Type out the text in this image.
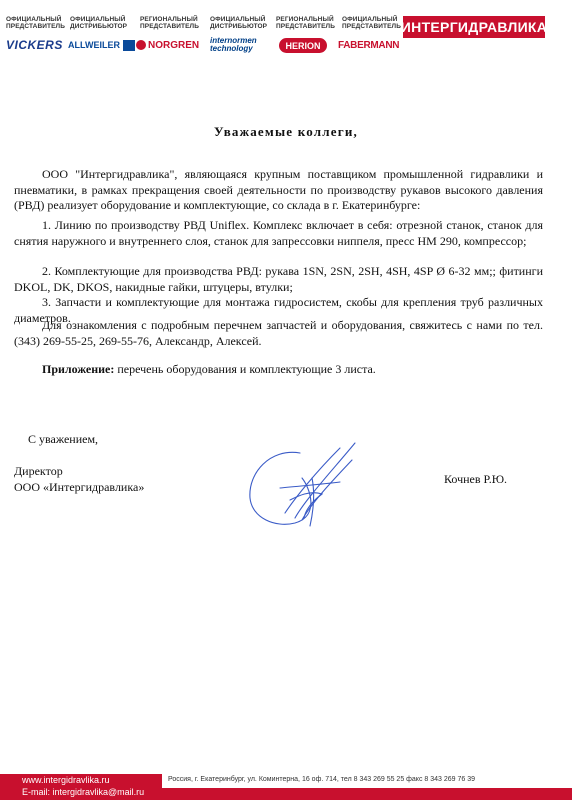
ОФИЦИАЛЬНЫЙ ПРЕДСТАВИТЕЛЬ
ОФИЦИАЛЬНЫЙ ДИСТРИБЬЮТОР
РЕГИОНАЛЬНЫЙ ПРЕДСТАВИТЕЛЬ
ОФИЦИАЛЬНЫЙ ДИСТРИБЬЮТОР
РЕГИОНАЛЬНЫЙ ПРЕДСТАВИТЕЛЬ
ОФИЦИАЛЬНЫЙ ПРЕДСТАВИТЕЛЬ
VICKERS ALLWEILER	NORGREN internormen technology	HERION	FABERMANN
ИНТЕРГИДРАВЛИКА
Уважаемые коллеги,
ООО "Интергидравлика", являющаяся крупным поставщиком промышленной гидравлики и пневматики, в рамках прекращения своей деятельности по производству рукавов высокого давления (РВД) реализует оборудование и комплектующие, со склада в г. Екатеринбурге:
1. Линию по производству РВД Uniflex. Комплекс включает в себя: отрезной станок, станок для снятия наружного и внутреннего слоя, станок для запрессовки ниппеля, пресс HM 290, компрессор;
2. Комплектующие для производства РВД: рукава 1SN, 2SN, 2SH, 4SH, 4SP Ø 6-32 мм;; фитинги DKOL, DK, DKOS, накидные гайки, штуцеры, втулки;
3. Запчасти и комплектующие для монтажа гидросистем, скобы для крепления труб различных диаметров.
Для ознакомления с подробным перечнем запчастей и оборудования, свяжитесь с нами по тел. (343) 269-55-25, 269-55-76, Александр, Алексей.
Приложение: перечень оборудования и комплектующие 3 листа.
С уважением,
Директор
ООО «Интергидравлика»
Кочнев Р.Ю.
www.intergidravlika.ru
E-mail: intergidravlika@mail.ru
Россия, г. Екатеринбург, ул. Коминтерна, 16 оф. 714, тел 8 343 269 55 25 факс 8 343 269 76 39
